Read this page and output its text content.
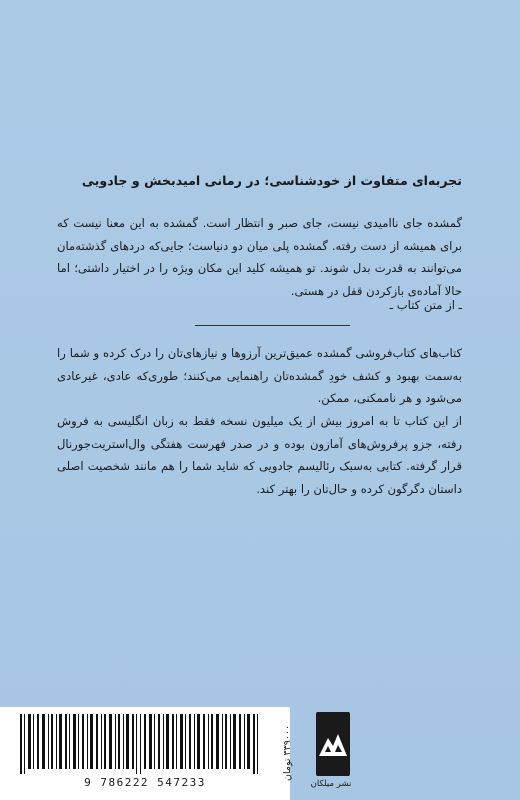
تجربه‌ای متفاوت از خودشناسی؛ در رمانی امیدبخش و جادویی

گمشده جای ناامیدی نیست، جای صبر و انتظار است. گمشده به این معنا نیست که برای همیشه از دست رفته. گمشده پلی میان دو دنیاست؛ جایی‌که دردهای گذشته‌مان می‌توانند به قدرت بدل شوند. تو همیشه کلید این مکان ویژه را در اختیار داشتی؛ اما حالا آماده‌ی بازکردن قفل در هستی.

ـ از متن کتاب ـ

کتاب‌های کتاب‌فروشی گمشده عمیق‌ترین آرزوها و نیازهای‌تان را درک کرده و شما را به‌سمت بهبود و کشف خودِ گمشده‌تان راهنمایی می‌کنند؛ طوری‌که عادی، غیرعادی می‌شود و هر ناممکنی، ممکن.

از این کتاب تا به امروز بیش از یک میلیون نسخه فقط به زبان انگلیسی به فروش رفته، جزو پرفروش‌های آمازون بوده و در صدر فهرست هفتگی وال‌استریت‌جورنال قرار گرفته. کتابی به‌سبک رئالیسم جادویی که شاید شما را هم مانند شخصیت اصلی داستان دگرگون کرده و حال‌تان را بهتر کند.

9 786222 547233
۳۳۹۰۰۰ تومان
نشر میلکان
